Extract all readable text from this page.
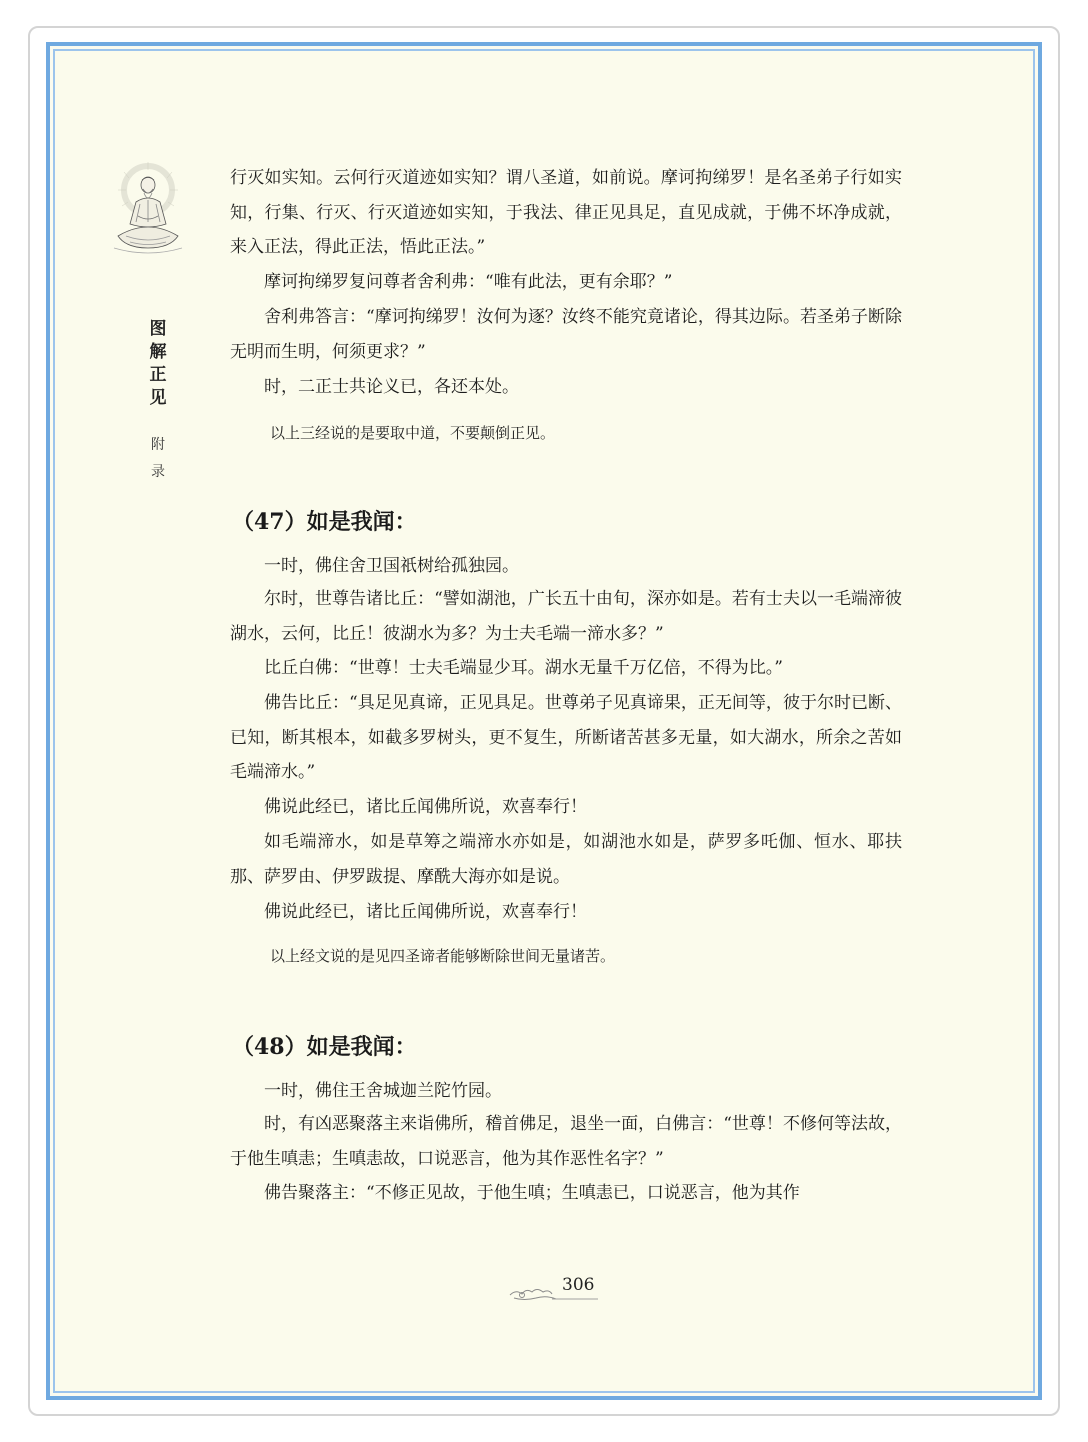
图解正见
附录

行灭如实知。云何行灭道迹如实知？谓八圣道，如前说。摩诃拘绨罗！是名圣弟子行如实知，行集、行灭、行灭道迹如实知，于我法、律正见具足，直见成就，于佛不坏净成就，来入正法，得此正法，悟此正法。”

摩诃拘绨罗复问尊者舍利弗：“唯有此法，更有余耶？”

舍利弗答言：“摩诃拘绨罗！汝何为逐？汝终不能究竟诸论，得其边际。若圣弟子断除无明而生明，何须更求？”

时，二正士共论义已，各还本处。

以上三经说的是要取中道，不要颠倒正见。

（47）如是我闻：

一时，佛住舍卫国祇树给孤独园。

尔时，世尊告诸比丘：“譬如湖池，广长五十由旬，深亦如是。若有士夫以一毛端渧彼湖水，云何，比丘！彼湖水为多？为士夫毛端一渧水多？”

比丘白佛：“世尊！士夫毛端显少耳。湖水无量千万亿倍，不得为比。”

佛告比丘：“具足见真谛，正见具足。世尊弟子见真谛果，正无间等，彼于尔时已断、已知，断其根本，如截多罗树头，更不复生，所断诸苦甚多无量，如大湖水，所余之苦如毛端渧水。”

佛说此经已，诸比丘闻佛所说，欢喜奉行！

如毛端渧水，如是草筹之端渧水亦如是，如湖池水如是，萨罗多吒伽、恒水、耶扶那、萨罗由、伊罗跋提、摩酰大海亦如是说。

佛说此经已，诸比丘闻佛所说，欢喜奉行！

以上经文说的是见四圣谛者能够断除世间无量诸苦。

（48）如是我闻：

一时，佛住王舍城迦兰陀竹园。

时，有凶恶聚落主来诣佛所，稽首佛足，退坐一面，白佛言：“世尊！不修何等法故，于他生嗔恚；生嗔恚故，口说恶言，他为其作恶性名字？”

佛告聚落主：“不修正见故，于他生嗔；生嗔恚已，口说恶言，他为其作

306
